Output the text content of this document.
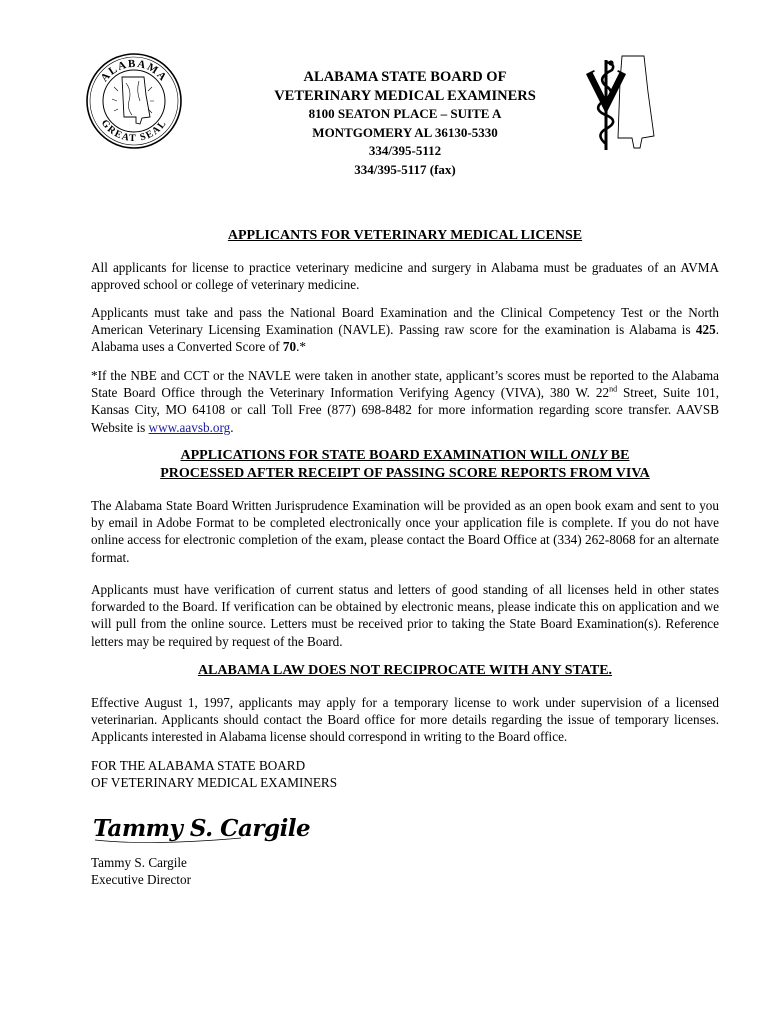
ALABAMA
GREAT SEAL
ALABAMA STATE BOARD OF
VETERINARY MEDICAL EXAMINERS
8100 SEATON PLACE – SUITE A
MONTGOMERY AL 36130-5330
334/395-5112
334/395-5117 (fax)
APPLICANTS FOR VETERINARY MEDICAL LICENSE

All applicants for license to practice veterinary medicine and surgery in Alabama must be graduates of an AVMA approved school or college of veterinary medicine.

Applicants must take and pass the National Board Examination and the Clinical Competency Test or the North American Veterinary Licensing Examination (NAVLE). Passing raw score for the examination is Alabama is 425. Alabama uses a Converted Score of 70.*

*If the NBE and CCT or the NAVLE were taken in another state, applicant’s scores must be reported to the Alabama State Board Office through the Veterinary Information Verifying Agency (VIVA), 380 W. 22nd Street, Suite 101, Kansas City, MO 64108 or call Toll Free (877) 698-8482 for more information regarding score transfer. AAVSB Website is www.aavsb.org.

APPLICATIONS FOR STATE BOARD EXAMINATION WILL ONLY BE
PROCESSED AFTER RECEIPT OF PASSING SCORE REPORTS FROM VIVA

The Alabama State Board Written Jurisprudence Examination will be provided as an open book exam and sent to you by email in Adobe Format to be completed electronically once your application file is complete. If you do not have online access for electronic completion of the exam, please contact the Board Office at (334) 262-8068 for an alternate format.

Applicants must have verification of current status and letters of good standing of all licenses held in other states forwarded to the Board. If verification can be obtained by electronic means, please indicate this on application and we will pull from the online source. Letters must be received prior to taking the State Board Examination(s). Reference letters may be required by request of the Board.

ALABAMA LAW DOES NOT RECIPROCATE WITH ANY STATE.

Effective August 1, 1997, applicants may apply for a temporary license to work under supervision of a licensed veterinarian. Applicants should contact the Board office for more details regarding the issue of temporary licenses. Applicants interested in Alabama license should correspond in writing to the Board office.

FOR THE ALABAMA STATE BOARD
OF VETERINARY MEDICAL EXAMINERS
Tammy S. Cargile
Tammy S. Cargile
Executive Director
